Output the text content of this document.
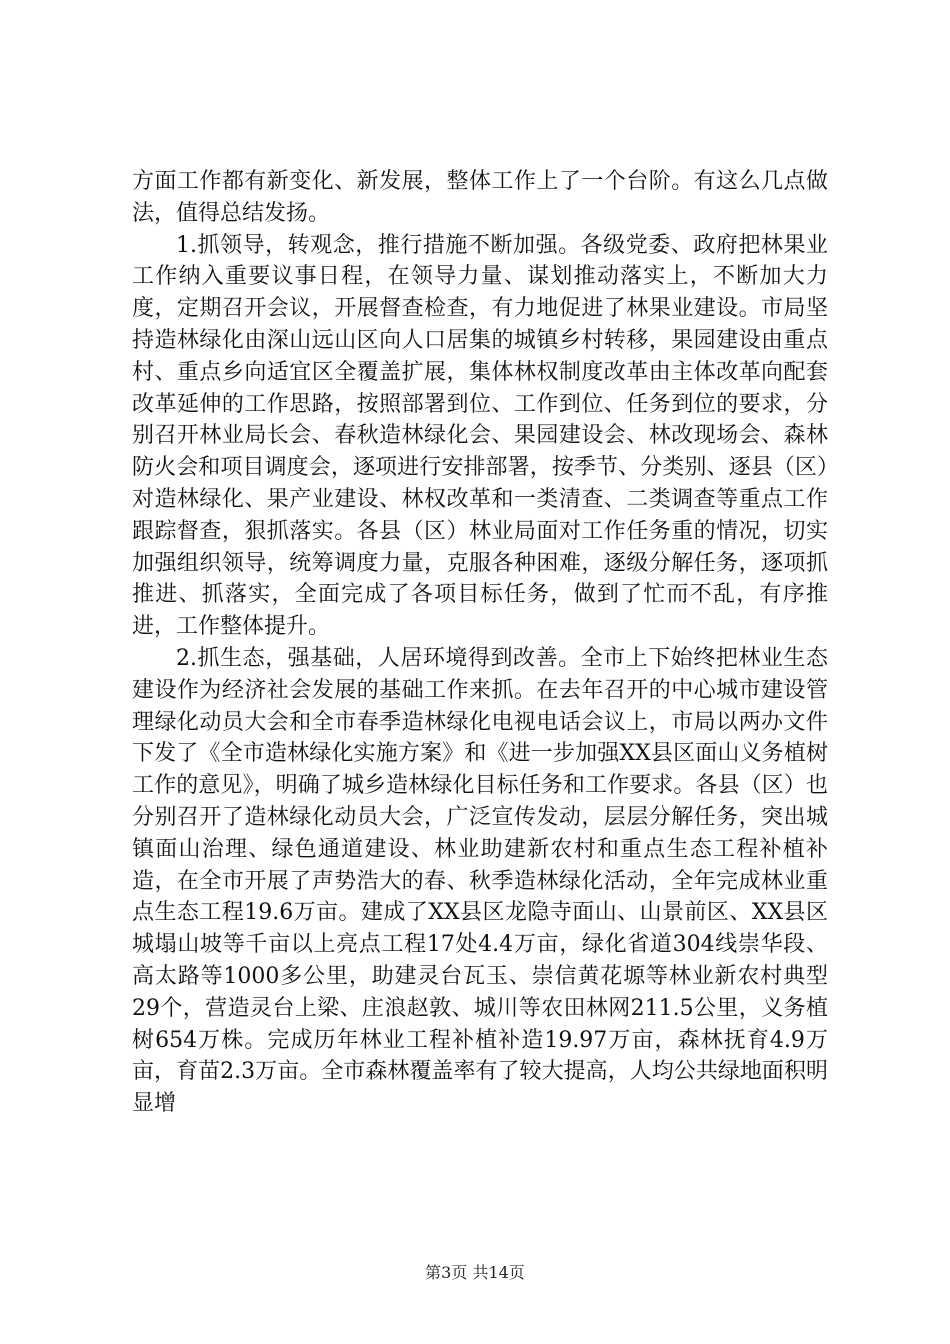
方面工作都有新变化、新发展，整体工作上了一个台阶。有这么几点做法，值得总结发扬。

1.抓领导，转观念，推行措施不断加强。各级党委、政府把林果业工作纳入重要议事日程，在领导力量、谋划推动落实上，不断加大力度，定期召开会议，开展督查检查，有力地促进了林果业建设。市局坚持造林绿化由深山远山区向人口居集的城镇乡村转移，果园建设由重点村、重点乡向适宜区全覆盖扩展，集体林权制度改革由主体改革向配套改革延伸的工作思路，按照部署到位、工作到位、任务到位的要求，分别召开林业局长会、春秋造林绿化会、果园建设会、林改现场会、森林防火会和项目调度会，逐项进行安排部署，按季节、分类别、逐县（区）对造林绿化、果产业建设、林权改革和一类清查、二类调查等重点工作跟踪督查，狠抓落实。各县（区）林业局面对工作任务重的情况，切实加强组织领导，统筹调度力量，克服各种困难，逐级分解任务，逐项抓推进、抓落实，全面完成了各项目标任务，做到了忙而不乱，有序推进，工作整体提升。

2.抓生态，强基础，人居环境得到改善。全市上下始终把林业生态建设作为经济社会发展的基础工作来抓。在去年召开的中心城市建设管理绿化动员大会和全市春季造林绿化电视电话会议上，市局以两办文件下发了《全市造林绿化实施方案》和《进一步加强XX县区面山义务植树工作的意见》，明确了城乡造林绿化目标任务和工作要求。各县（区）也分别召开了造林绿化动员大会，广泛宣传发动，层层分解任务，突出城镇面山治理、绿色通道建设、林业助建新农村和重点生态工程补植补造，在全市开展了声势浩大的春、秋季造林绿化活动，全年完成林业重点生态工程19.6万亩。建成了XX县区龙隐寺面山、山景前区、XX县区城塌山坡等千亩以上亮点工程17处4.4万亩，绿化省道304线崇华段、高太路等1000多公里，助建灵台瓦玉、崇信黄花塬等林业新农村典型29个，营造灵台上梁、庄浪赵敦、城川等农田林网211.5公里，义务植树654万株。完成历年林业工程补植补造19.97万亩，森林抚育4.9万亩，育苗2.3万亩。全市森林覆盖率有了较大提高，人均公共绿地面积明显增

第3页 共14页
